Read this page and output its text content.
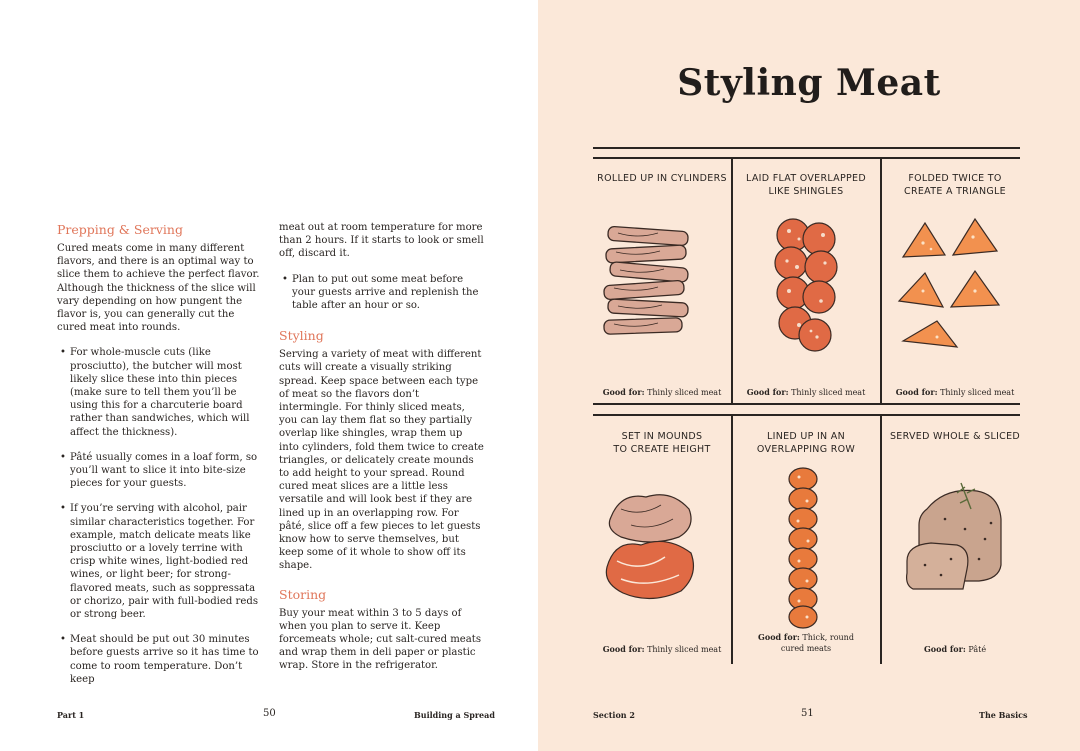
Prepping & Serving

Cured meats come in many different flavors, and there is an optimal way to slice them to achieve the perfect flavor. Although the thickness of the slice will vary depending on how pungent the flavor is, you can generally cut the cured meat into rounds.

• For whole-muscle cuts (like prosciutto), the butcher will most likely slice these into thin pieces (make sure to tell them you’ll be using this for a charcuterie board rather than sandwiches, which will affect the thickness).
• Pâté usually comes in a loaf form, so you’ll want to slice it into bite-size pieces for your guests.
• If you’re serving with alcohol, pair similar characteristics together. For example, match delicate meats like prosciutto or a lovely terrine with crisp white wines, light-bodied red wines, or light beer; for strong-flavored meats, such as soppressata or chorizo, pair with full-bodied reds or strong beer.
• Meat should be put out 30 minutes before guests arrive so it has time to come to room temperature. Don’t keep

meat out at room temperature for more than 2 hours. If it starts to look or smell off, discard it.

• Plan to put out some meat before your guests arrive and replenish the table after an hour or so.
Styling

Serving a variety of meat with different cuts will create a visually striking spread. Keep space between each type of meat so the flavors don’t intermingle. For thinly sliced meats, you can lay them flat so they partially overlap like shingles, wrap them up into cylinders, fold them twice to create triangles, or delicately create mounds to add height to your spread. Round cured meat slices are a little less versatile and will look best if they are lined up in an overlapping row. For pâté, slice off a few pieces to let guests know how to serve themselves, but keep some of it whole to show off its shape.

Storing

Buy your meat within 3 to 5 days of when you plan to serve it. Keep forcemeats whole; cut salt-cured meats and wrap them in deli paper or plastic wrap. Store in the refrigerator.

Part 1	50	Building a Spread
Styling Meat
ROLLED UP IN CYLINDERS
Good for: Thinly sliced meat
LAID FLAT OVERLAPPED
LIKE SHINGLES
Good for: Thinly sliced meat
FOLDED TWICE TO
CREATE A TRIANGLE
Good for: Thinly sliced meat
SET IN MOUNDS
TO CREATE HEIGHT
Good for: Thinly sliced meat
LINED UP IN AN
OVERLAPPING ROW
Good for: Thick, round
cured meats
SERVED WHOLE & SLICED
Good for: Pâté
Section 2	51	The Basics
